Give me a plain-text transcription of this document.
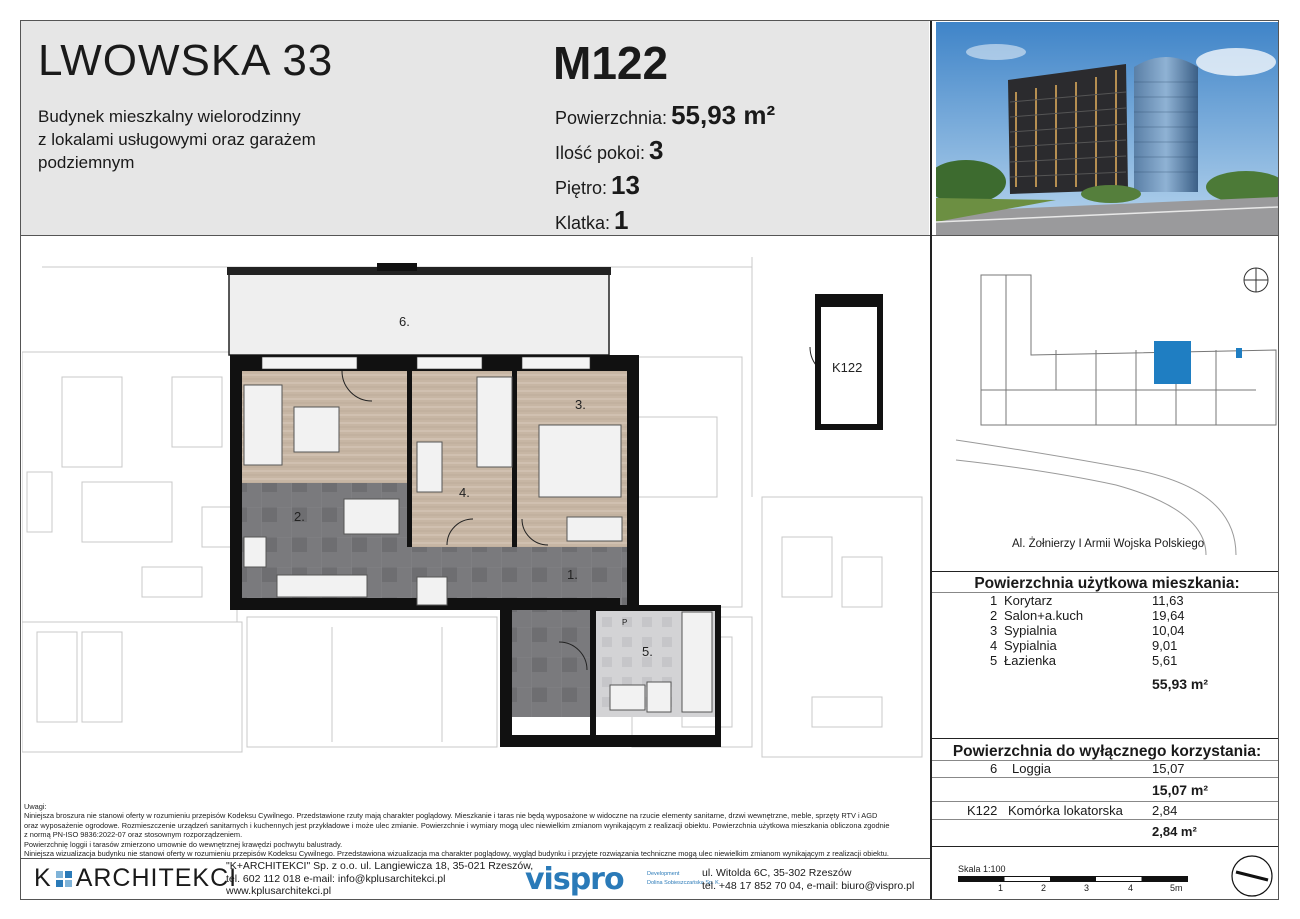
LWOWSKA 33	M122
Budynek mieszkalny wielorodzinny
z lokalami usługowymi oraz garażem
podziemnym
Powierzchnia: 55,93 m²
Ilość pokoi: 3
Piętro: 13
Klatka: 1
1.
2.
3.
4.
5.
6.
K122
P
Al. Żołnierzy I Armii Wojska Polskiego
Powierzchnia użytkowa mieszkania:
1 Korytarz	11,63
2 Salon+a.kuch	19,64
3 Sypialnia	10,04
4 Sypialnia	9,01
5 Łazienka	5,61
55,93 m²
Powierzchnia do wyłącznego korzystania:
6 Loggia	15,07
15,07 m²
K122 Komórka lokatorska 2,84
2,84 m²
Skala 1:100
1	2	3	4	5m
Uwagi:
Niniejsza broszura nie stanowi oferty w rozumieniu przepisów Kodeksu Cywilnego. Przedstawione rzuty mają charakter poglądowy. Mieszkanie i taras nie będą wyposażone w widoczne na rzucie elementy sanitarne, drzwi wewnętrzne, meble, sprzęty RTV i AGD
oraz wyposażenie ogrodowe. Rozmieszczenie urządzeń sanitarnych i kuchennych jest przykładowe i może ulec zmianie. Powierzchnie i wymiary mogą ulec niewielkim zmianom wynikającym z realizacji obiektu. Powierzchnia użytkowa mieszkania obliczona zgodnie
z normą PN-ISO 9836:2022-07 oraz stosownym rozporządzeniem.
Powierzchnię loggii i tarasów zmierzono umownie do wewnętrznej krawędzi pochwytu balustrady.
Niniejsza wizualizacja budynku nie stanowi oferty w rozumieniu przepisów Kodeksu Cywilnego. Przedstawiona wizualizacja ma charakter poglądowy, wygląd budynku i przyjęte rozwiązania techniczne mogą ulec niewielkim zmianom wynikającym z realizacji obiektu.
K ARCHITEKCI
"K+ARCHITEKCI" Sp. z o.o. ul. Langiewicza 18, 35-021 Rzeszów,
tel. 602 112 018 e-mail: info@kplusarchitekci.pl
www.kplusarchitekci.pl	vispro	Development
Dolina Sobieszczańska Sp. K.
ul. Witolda 6C, 35-302 Rzeszów
tel. +48 17 852 70 04, e-mail: biuro@vispro.pl
